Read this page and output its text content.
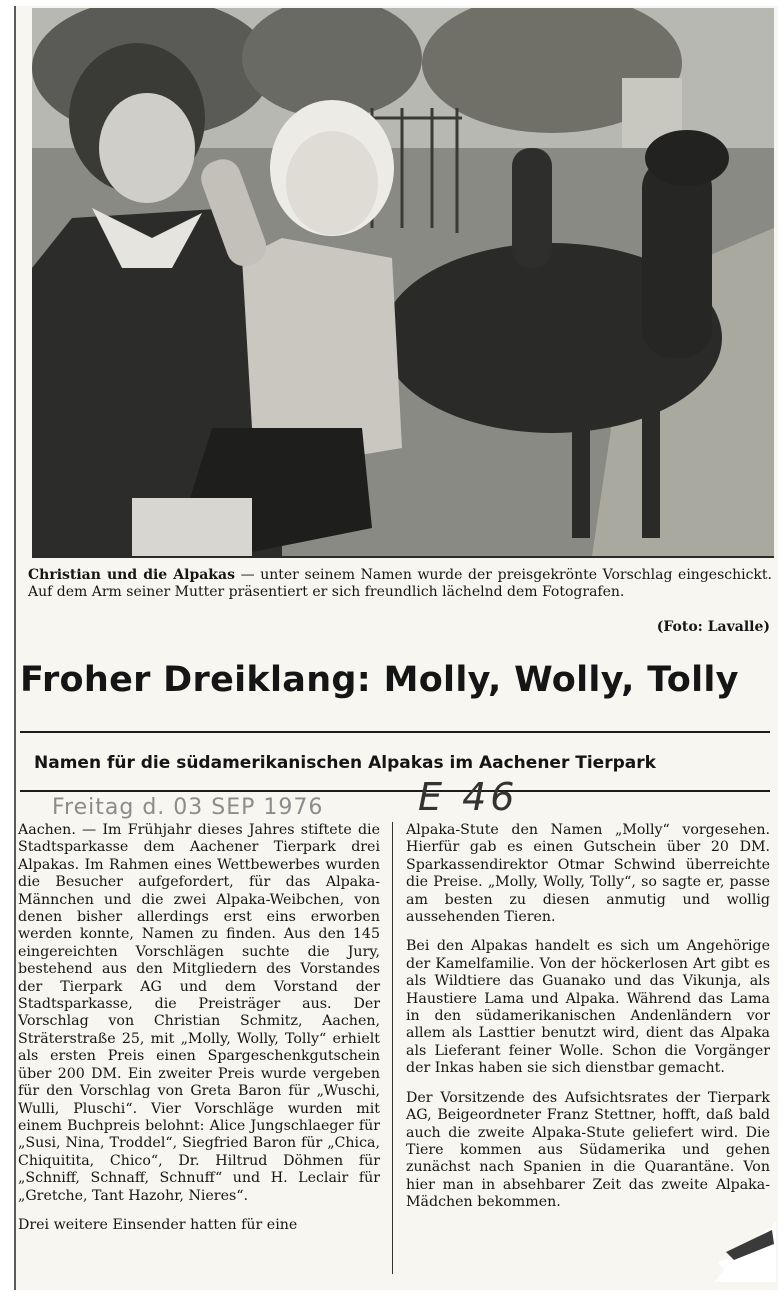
Christian und die Alpakas — unter seinem Namen wurde der preisgekrönte Vorschlag eingeschickt. Auf dem Arm seiner Mutter präsentiert er sich freundlich lächelnd dem Fotografen.
(Foto: Lavalle)
Froher Dreiklang: Molly, Wolly, Tolly
Namen für die südamerikanischen Alpakas im Aachener Tierpark
Freitag d. 03 SEP 1976 E 46

Aachen. — Im Frühjahr dieses Jahres stiftete die Stadtsparkasse dem Aachener Tierpark drei Alpakas. Im Rahmen eines Wettbewerbes wurden die Besucher aufgefordert, für das Alpaka-Männchen und die zwei Alpaka-Weibchen, von denen bisher allerdings erst eins erworben werden konnte, Namen zu finden. Aus den 145 eingereichten Vorschlägen suchte die Jury, bestehend aus den Mitgliedern des Vorstandes der Tierpark AG und dem Vorstand der Stadtsparkasse, die Preisträger aus. Der Vorschlag von Christian Schmitz, Aachen, Sträterstraße 25, mit „Molly, Wolly, Tolly“ erhielt als ersten Preis einen Spargeschenkgutschein über 200 DM. Ein zweiter Preis wurde vergeben für den Vorschlag von Greta Baron für „Wuschi, Wulli, Pluschi“. Vier Vorschläge wurden mit einem Buchpreis belohnt: Alice Jungschlaeger für „Susi, Nina, Troddel“, Siegfried Baron für „Chica, Chiquitita, Chico“, Dr. Hiltrud Döhmen für „Schniff, Schnaff, Schnuff“ und H. Leclair für „Gretche, Tant Hazohr, Nieres“.

Drei weitere Einsender hatten für eine

Alpaka-Stute den Namen „Molly“ vorgesehen. Hierfür gab es einen Gutschein über 20 DM. Sparkassendirektor Otmar Schwind überreichte die Preise. „Molly, Wolly, Tolly“, so sagte er, passe am besten zu diesen anmutig und wollig aussehenden Tieren.

Bei den Alpakas handelt es sich um Angehörige der Kamelfamilie. Von der höckerlosen Art gibt es als Wildtiere das Guanako und das Vikunja, als Haustiere Lama und Alpaka. Während das Lama in den südamerikanischen Andenländern vor allem als Lasttier benutzt wird, dient das Alpaka als Lieferant feiner Wolle. Schon die Vorgänger der Inkas haben sie sich dienstbar gemacht.

Der Vorsitzende des Aufsichtsrates der Tierpark AG, Beigeordneter Franz Stettner, hofft, daß bald auch die zweite Alpaka-Stute geliefert wird. Die Tiere kommen aus Südamerika und gehen zunächst nach Spanien in die Quarantäne. Von hier man in absehbarer Zeit das zweite Alpaka-Mädchen bekommen.
